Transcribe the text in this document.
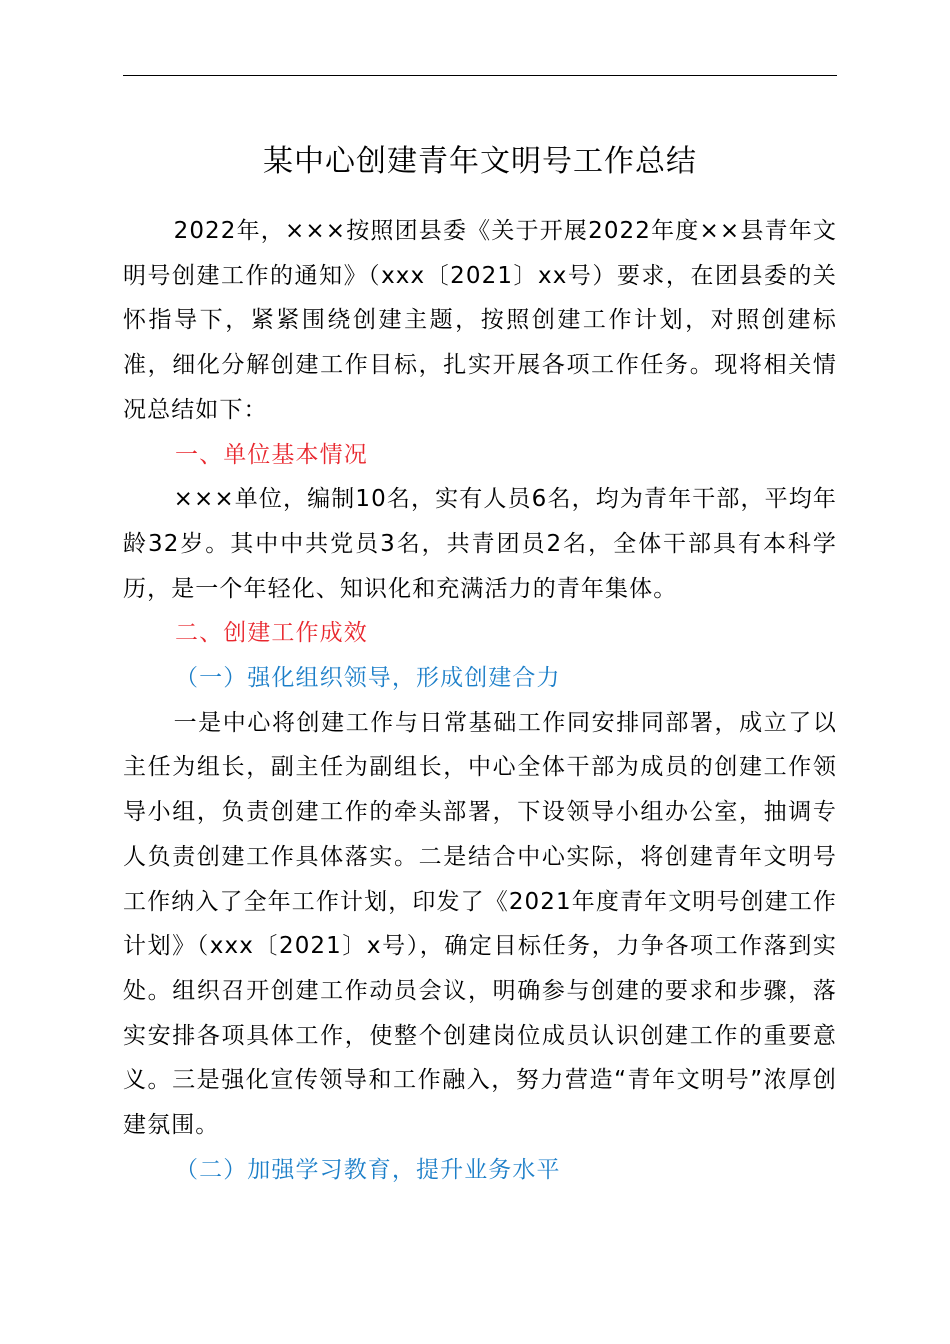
某中心创建青年文明号工作总结

2022年，×××按照团县委《关于开展2022年度××县青年文明号创建工作的通知》（xxx〔2021〕xx号）要求，在团县委的关怀指导下，紧紧围绕创建主题，按照创建工作计划，对照创建标准，细化分解创建工作目标，扎实开展各项工作任务。现将相关情况总结如下：

一、单位基本情况

×××单位，编制10名，实有人员6名，均为青年干部，平均年龄32岁。其中中共党员3名，共青团员2名，全体干部具有本科学历，是一个年轻化、知识化和充满活力的青年集体。

二、创建工作成效

（一）强化组织领导，形成创建合力

一是中心将创建工作与日常基础工作同安排同部署，成立了以主任为组长，副主任为副组长，中心全体干部为成员的创建工作领导小组，负责创建工作的牵头部署，下设领导小组办公室，抽调专人负责创建工作具体落实。二是结合中心实际，将创建青年文明号工作纳入了全年工作计划，印发了《2021年度青年文明号创建工作计划》（xxx〔2021〕x号），确定目标任务，力争各项工作落到实处。组织召开创建工作动员会议，明确参与创建的要求和步骤，落实安排各项具体工作，使整个创建岗位成员认识创建工作的重要意义。三是强化宣传领导和工作融入，努力营造“青年文明号”浓厚创建氛围。

（二）加强学习教育，提升业务水平
